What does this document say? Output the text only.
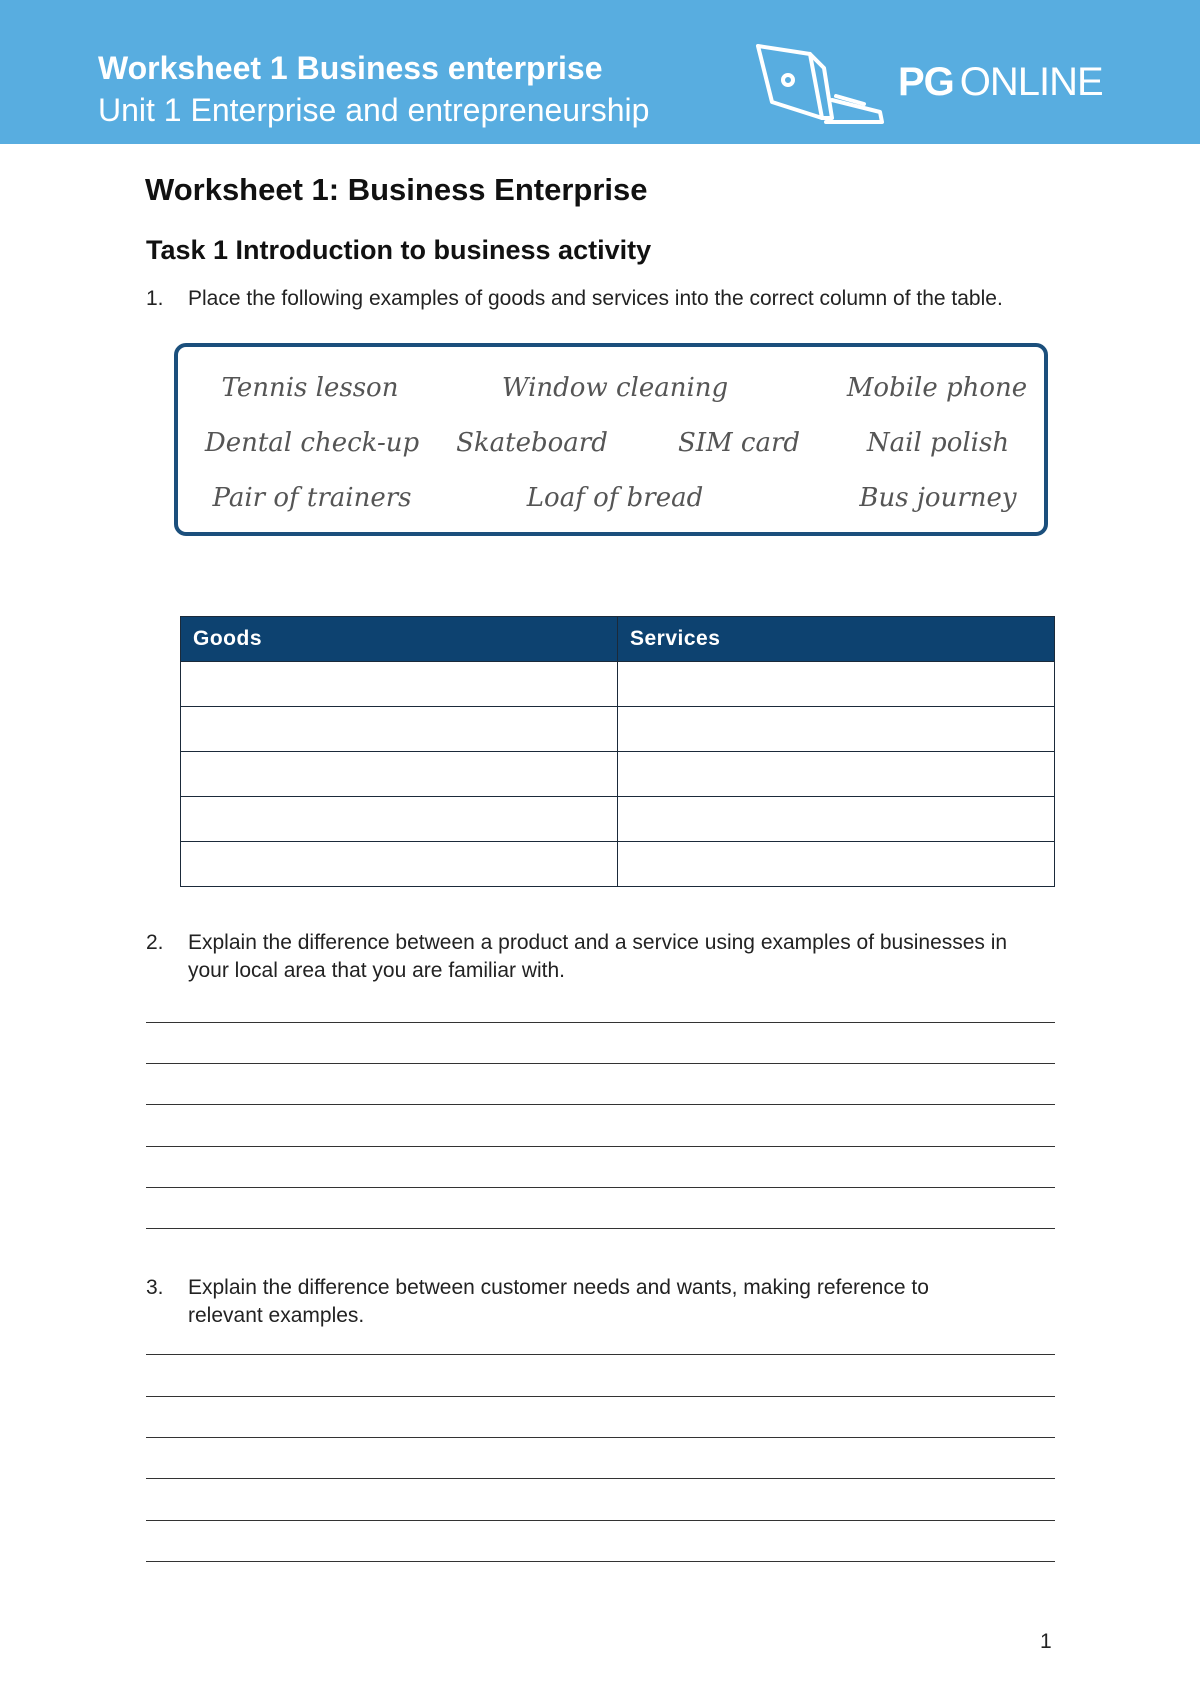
Worksheet 1 Business enterprise
Unit 1 Enterprise and entrepreneurship
PG ONLINE
Worksheet 1: Business Enterprise
Task 1 Introduction to business activity
1. Place the following examples of goods and services into the correct column of the table.
Tennis lesson	Window cleaning	Mobile phone
Dental check-up Skateboard	SIM card	Nail polish
Pair of trainers	Loaf of bread	Bus journey
Goods	Services

2. Explain the difference between a product and a service using examples of businesses in
your local area that you are familiar with.
3. Explain the difference between customer needs and wants, making reference to
relevant examples.
1
